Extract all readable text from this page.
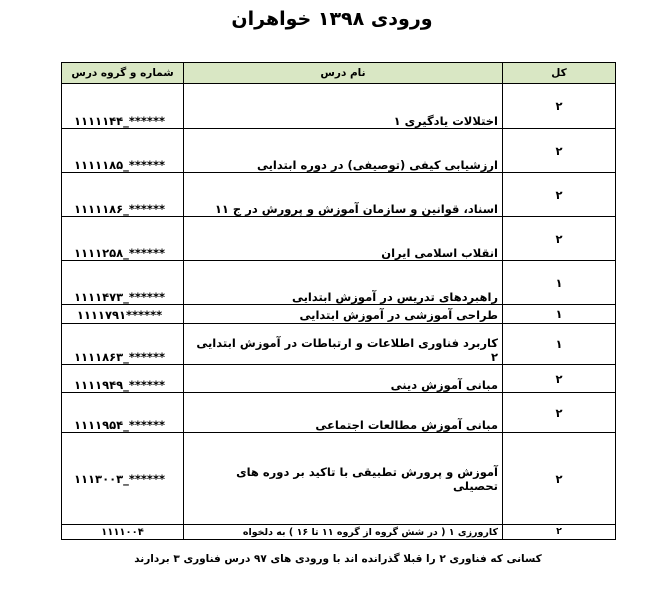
ورودی ۱۳۹۸ خواهران
کل	نام درس	شماره و گروه درس
۲	اختلالات یادگیری ۱	۱۱۱۱۱۴۴_******
۲	ارزشیابی کیفی (توصیفی) در دوره ابتدایی	۱۱۱۱۱۸۵_******
۲	اسناد، قوانین و سازمان آموزش و پرورش در ج ۱۱	۱۱۱۱۱۸۶_******
۲	انقلاب اسلامی ایران	۱۱۱۱۲۵۸_******
۱	راهبردهای تدریس در آموزش ابتدایی	۱۱۱۱۴۷۳_******
۱	طراحی آموزشی در آموزش ابتدایی	۱۱۱۱۷۹۱******
۱	کاربرد فناوری اطلاعات و ارتباطات در آموزش ابتدایی ۲	۱۱۱۱۸۶۳_******
۲	مبانی آموزش دینی	۱۱۱۱۹۴۹_******
۲	مبانی آموزش مطالعات اجتماعی	۱۱۱۱۹۵۴_******
۲	آموزش و پرورش تطبیقی با تاکید بر دوره های تحصیلی	۱۱۱۳۰۰۳_******
۲	کارورزی ۱ ( در شش گروه از گروه ۱۱ تا ۱۶ ) به دلخواه	۱۱۱۱۰۰۴
کسانی که فناوری ۲ را قبلا گذرانده اند با ورودی های ۹۷ درس فناوری ۳ بردارند
